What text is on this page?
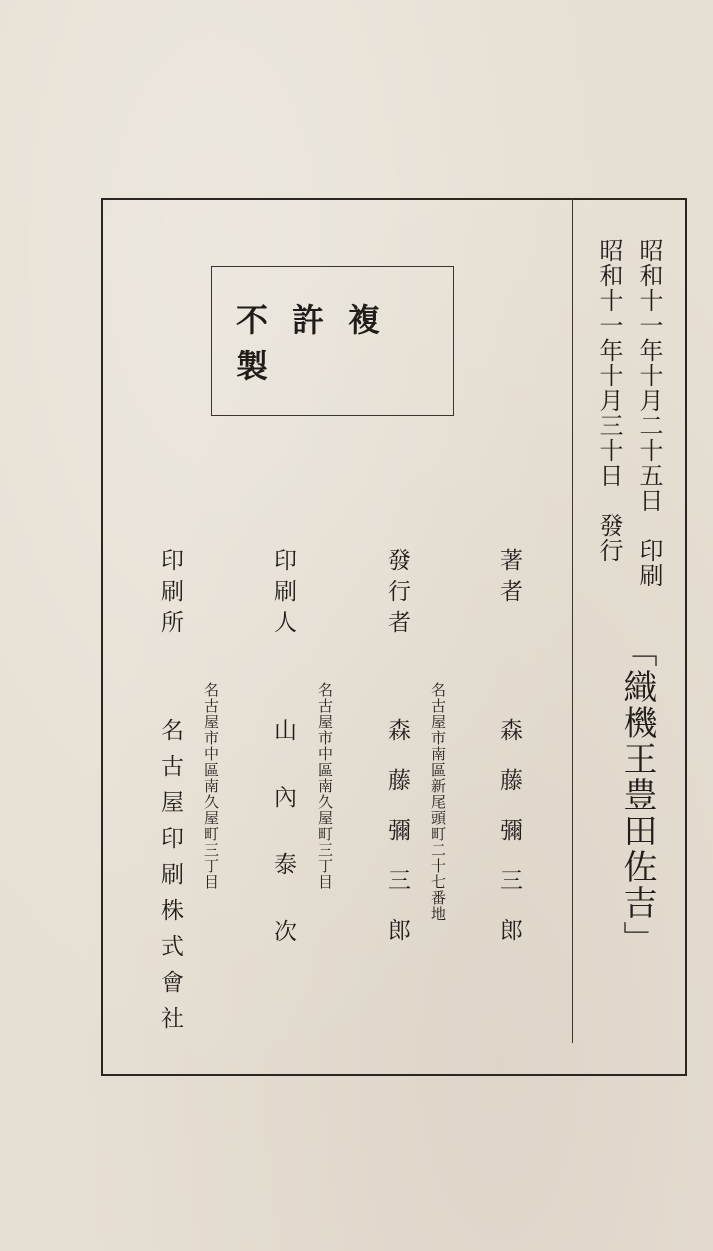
昭和十一年十月二十五日　印刷
昭和十一年十月三十日　發行
「織機王豊田佐吉」
不許複製
著者
名古屋市南區新尾頭町二十七番地 森藤彌三郎
發行者
森藤彌三郎
印刷人
名古屋市中區南久屋町三丁目
山內泰次
印刷所
名古屋市中區南久屋町三丁目
名古屋印刷株式會社
